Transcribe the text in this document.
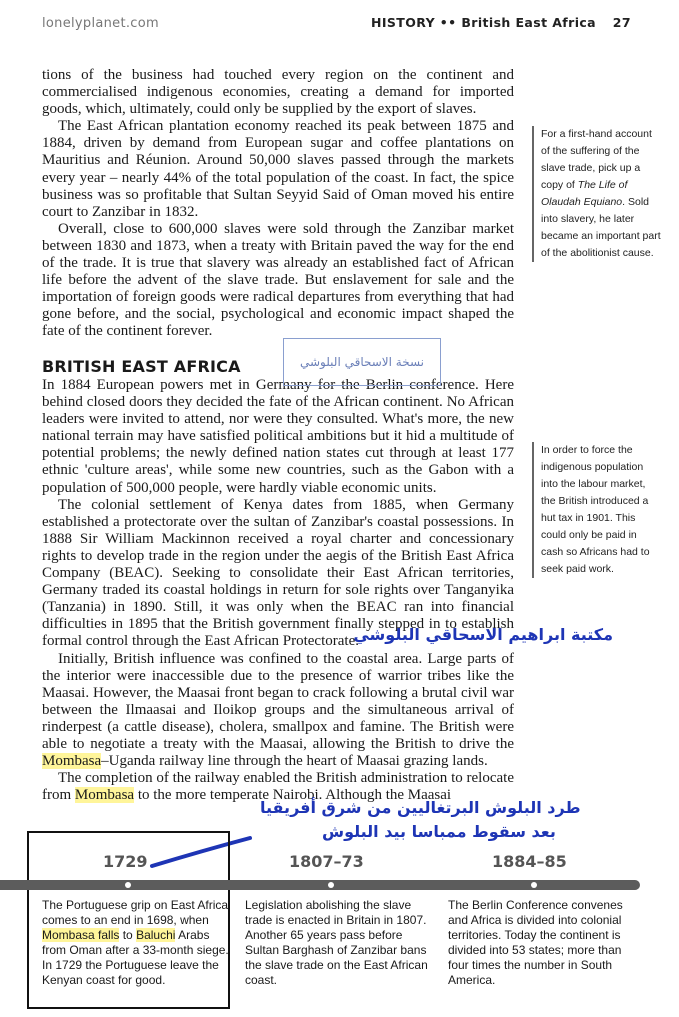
lonelyplanet.com	HISTORY •• British East Africa 27

tions of the business had touched every region on the continent and commercialised indigenous economies, creating a demand for imported goods, which, ultimately, could only be supplied by the export of slaves.

The East African plantation economy reached its peak between 1875 and 1884, driven by demand from European sugar and coffee plantations on Mauritius and Réunion. Around 50,000 slaves passed through the markets every year – nearly 44% of the total population of the coast. In fact, the spice business was so profitable that Sultan Seyyid Said of Oman moved his entire court to Zanzibar in 1832.

Overall, close to 600,000 slaves were sold through the Zanzibar market between 1830 and 1873, when a treaty with Britain paved the way for the end of the trade. It is true that slavery was already an established fact of African life before the advent of the slave trade. But enslavement for sale and the importation of foreign goods were radical departures from everything that had gone before, and the social, psychological and economic impact shaped the fate of the continent forever.

BRITISH EAST AFRICA

In 1884 European powers met in Germany for the Berlin conference. Here behind closed doors they decided the fate of the African continent. No African leaders were invited to attend, nor were they consulted. What's more, the new national terrain may have satisfied political ambitions but it hid a multitude of potential problems; the newly defined nation states cut through at least 177 ethnic 'culture areas', while some new countries, such as the Gabon with a population of 500,000 people, were hardly viable economic units.

The colonial settlement of Kenya dates from 1885, when Germany established a protectorate over the sultan of Zanzibar's coastal possessions. In 1888 Sir William Mackinnon received a royal charter and concessionary rights to develop trade in the region under the aegis of the British East Africa Company (BEAC). Seeking to consolidate their East African territories, Germany traded its coastal holdings in return for sole rights over Tanganyika (Tanzania) in 1890. Still, it was only when the BEAC ran into financial difficulties in 1895 that the British government finally stepped in to establish formal control through the East African Protectorate.

Initially, British influence was confined to the coastal area. Large parts of the interior were inaccessible due to the presence of warrior tribes like the Maasai. However, the Maasai front began to crack following a brutal civil war between the Ilmaasai and Iloikop groups and the simultaneous arrival of rinderpest (a cattle disease), cholera, smallpox and famine. The British were able to negotiate a treaty with the Maasai, allowing the British to drive the Mombasa–Uganda railway line through the heart of Maasai grazing lands.

The completion of the railway enabled the British administration to relocate from Mombasa to the more temperate Nairobi. Although the Maasai

For a first-hand account of the suffering of the slave trade, pick up a copy of The Life of Olaudah Equiano. Sold into slavery, he later became an important part of the abolitionist cause.
In order to force the indigenous population into the labour market, the British introduced a hut tax in 1901. This could only be paid in cash so Africans had to seek paid work.
نسخة الاسحاقي البلوشي
مكتبة ابراهيم الاسحاقي البلوشي
طرد البلوش البرتغاليين من شرق أفريقيا
بعد سقوط ممباسا بيد البلوش
1729	1807–73	1884–85
The Portuguese grip on East Africa comes to an end in 1698, when Mombasa falls to Baluchi Arabs from Oman after a 33-month siege. In 1729 the Portuguese leave the Kenyan coast for good.
Legislation abolishing the slave trade is enacted in Britain in 1807. Another 65 years pass before Sultan Barghash of Zanzibar bans the slave trade on the East African coast.
The Berlin Conference convenes and Africa is divided into colonial territories. Today the continent is divided into 53 states; more than four times the number in South America.
